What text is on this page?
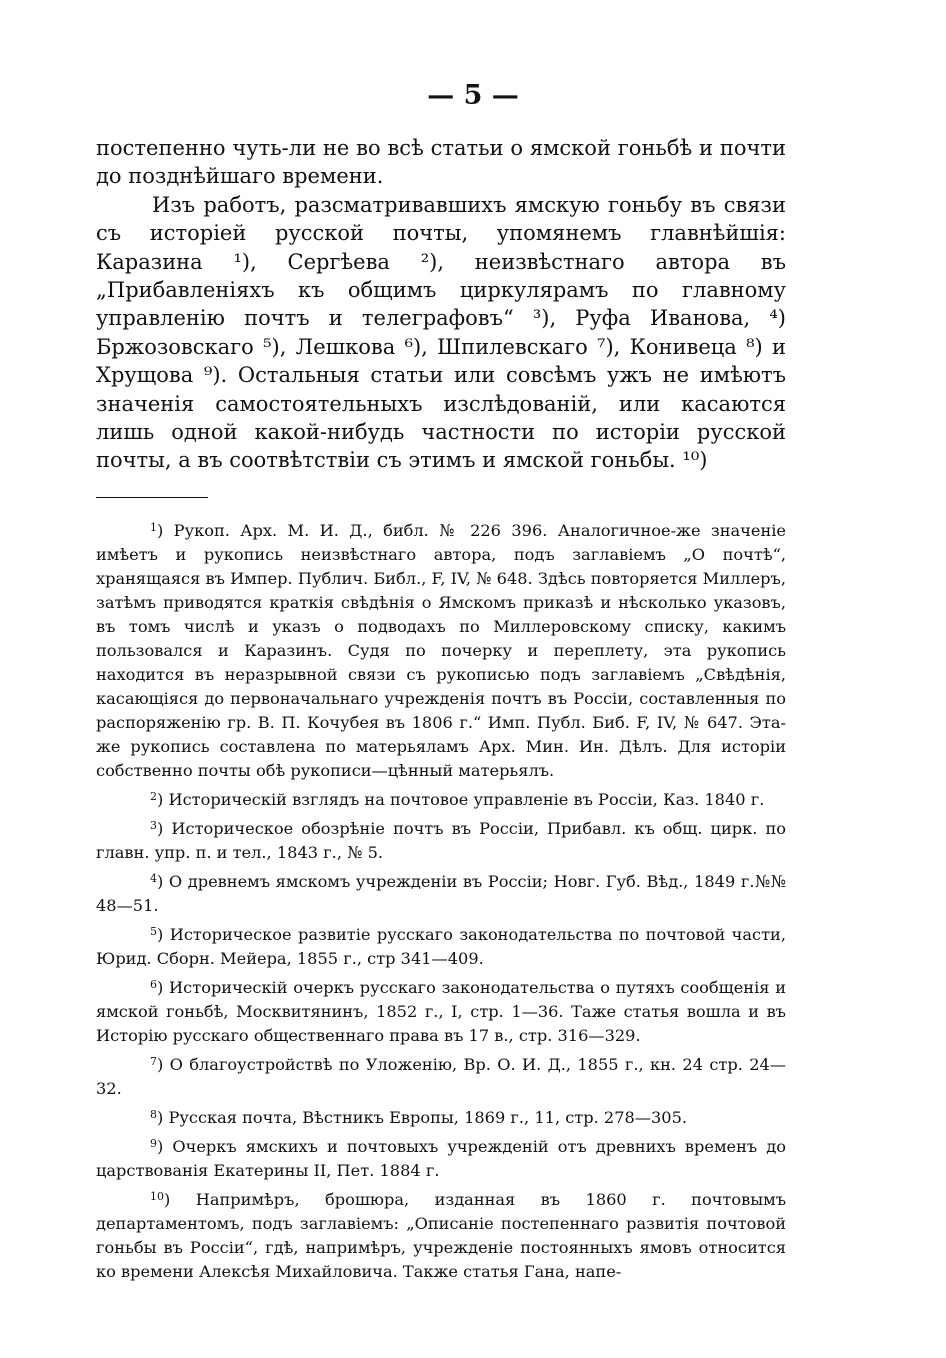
— 5 —

постепенно чуть-ли не во всѣ статьи о ямской гоньбѣ и почти до позднѣйшаго времени.

Изъ работъ, разсматривавшихъ ямскую гоньбу въ связи съ исторіей русской почты, упомянемъ главнѣйшія: Каразина ¹), Сергѣева ²), неизвѣстнаго автора въ „Прибавленіяхъ къ общимъ циркулярамъ по главному управленію почтъ и телеграфовъ“ ³), Руфа Иванова, ⁴) Бржозовскаго ⁵), Лешкова ⁶), Шпилевскаго ⁷), Конивеца ⁸) и Хрущова ⁹). Остальныя статьи или совсѣмъ ужъ не имѣютъ значенія самостоятельныхъ изслѣдованій, или касаются лишь одной какой-нибудь частности по исторіи русской почты, а въ соотвѣтствіи съ этимъ и ямской гоньбы. ¹⁰)

$^1$) Рукоп. Арх. М. И. Д., библ. № 226 396. Аналогичное-же значеніе имѣетъ и рукопись неизвѣстнаго автора, подъ заглавіемъ „О почтѣ“, хранящаяся въ Импер. Публич. Библ., F, IV, № 648. Здѣсь повторяется Миллеръ, затѣмъ приводятся краткія свѣдѣнія о Ямскомъ приказѣ и нѣсколько указовъ, въ томъ числѣ и указъ о подводахъ по Миллеровскому списку, какимъ пользовался и Каразинъ. Судя по почерку и переплету, эта рукопись находится въ неразрывной связи съ рукописью подъ заглавіемъ „Свѣдѣнія, касающіяся до первоначальнаго учрежденія почтъ въ Россіи, составленныя по распоряженію гр. В. П. Кочубея въ 1806 г.“ Имп. Публ. Биб. F, IV, № 647. Эта-же рукопись составлена по матерьяламъ Арх. Мин. Ин. Дѣлъ. Для исторіи собственно почты обѣ рукописи—цѣнный матерьялъ.

$^2$) Историческій взглядъ на почтовое управленіе въ Россіи, Каз. 1840 г.

$^3$) Историческое обозрѣніе почтъ въ Россіи, Прибавл. къ общ. цирк. по главн. упр. п. и тел., 1843 г., № 5.

$^4$) О древнемъ ямскомъ учрежденіи въ Россіи; Новг. Губ. Вѣд., 1849 г.№№ 48—51.

$^5$) Историческое развитіе русскаго законодательства по почтовой части, Юрид. Сборн. Мейера, 1855 г., стр 341—409.

$^6$) Историческій очеркъ русскаго законодательства о путяхъ сообщенія и ямской гоньбѣ, Москвитянинъ, 1852 г., I, стр. 1—36. Таже статья вошла и въ Исторію русскаго общественнаго права въ 17 в., стр. 316—329.

$^7$) О благоустройствѣ по Уложенію, Вр. О. И. Д., 1855 г., кн. 24 стр. 24—32.

$^8$) Русская почта, Вѣстникъ Европы, 1869 г., 11, стр. 278—305.

$^9$) Очеркъ ямскихъ и почтовыхъ учрежденій отъ древнихъ временъ до царствованія Екатерины II, Пет. 1884 г.

$^{10}$) Напримѣръ, брошюра, изданная въ 1860 г. почтовымъ департаментомъ, подъ заглавіемъ: „Описаніе постепеннаго развитія почтовой гоньбы въ Россіи“, гдѣ, напримѣръ, учрежденіе постоянныхъ ямовъ относится ко времени Алексѣя Михайловича. Также статья Гана, напе-
